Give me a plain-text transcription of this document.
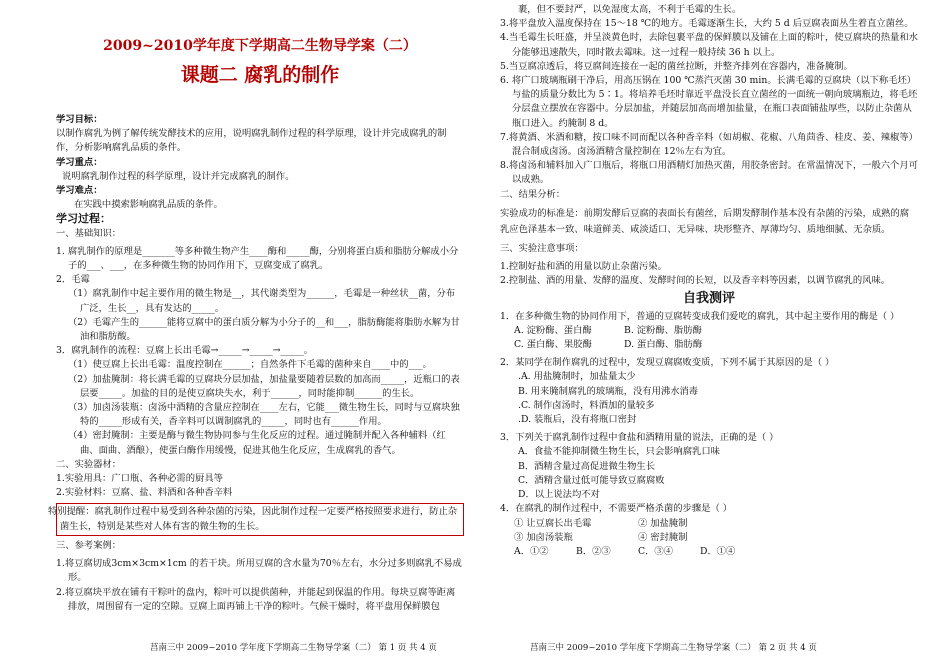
2009~2010学年度下学期高二生物导学案（二）

课题二 腐乳的制作

学习目标：

以制作腐乳为例了解传统发酵技术的应用，说明腐乳制作过程的科学原理，设计并完成腐乳的制作，分析影响腐乳品质的条件。

学习重点：

说明腐乳制作过程的科学原理，设计并完成腐乳的制作。

学习难点：

在实践中摸索影响腐乳品质的条件。

学习过程：

一、基础知识：

1. 腐乳制作的原理是_______等多种微生物产生____酶和_____酶，分别将蛋白质和脂肪分解成小分子的___、___，在多种微生物的协同作用下，豆腐变成了腐乳。

2．毛霉

（1）腐乳制作中起主要作用的微生物是__，其代谢类型为______，毛霉是一种丝状__菌，分布广泛，生长__，具有发达的_____。

（2）毛霉产生的______能将豆腐中的蛋白质分解为小分子的__和___，脂肪酶能将脂肪水解为甘油和脂肪酸。

3．腐乳制作的流程：豆腐上长出毛霉→_____→_____→_____。

（1）使豆腐上长出毛霉：温度控制在______；自然条件下毛霉的菌种来自____中的___。

（2）加盐腌制：将长满毛霉的豆腐块分层加盐，加盐量要随着层数的加高而_____，近瓶口的表层要_____。加盐的目的是使豆腐块失水，利于______，同时能抑制______的生长。

（3）加卤汤装瓶：卤汤中酒精的含量应控制在____左右，它能___微生物生长，同时与豆腐块独特的_____形成有关，香辛料可以调制腐乳的_____，同时也有______作用。

（4）密封腌制：主要是酶与微生物协同参与生化反应的过程。通过腌制并配入各种辅料（红曲、面曲、酒酿），使蛋白酶作用缓慢，促进其他生化反应，生成腐乳的香气。

二、实验器材：

1.实验用具：广口瓶、各种必需的厨具等

2.实验材料：豆腐、盐、料酒和各种香辛料

特别提醒：腐乳制作过程中易受到各种杂菌的污染，因此制作过程一定要严格按照要求进行，防止杂菌生长，特别是某些对人体有害的微生物的生长。

三、参考案例：

1.将豆腐切成3cm×3cm×1cm 的若干块。所用豆腐的含水量为70％左右，水分过多则腐乳不易成形。

2.将豆腐块平放在铺有干粽叶的盘内，粽叶可以提供菌种，并能起到保温的作用。每块豆腐等距离排放，周围留有一定的空隙。豆腐上面再铺上干净的粽叶。气候干燥时，将平盘用保鲜膜包

裹，但不要封严，以免湿度太高，不利于毛霉的生长。

3.将平盘放入温度保持在 15～18 ℃的地方。毛霉逐渐生长，大约 5 d 后豆腐表面丛生着直立菌丝。

4.当毛霉生长旺盛，并呈淡黄色时，去除包裹平盘的保鲜膜以及铺在上面的粽叶，使豆腐块的热量和水分能够迅速散失，同时散去霉味。这一过程一般持续 36 h 以上。

5.当豆腐凉透后，将豆腐间连接在一起的菌丝拉断，并整齐排列在容器内，准备腌制。

6. 将广口玻璃瓶刷干净后，用高压锅在 100 ℃蒸汽灭菌 30 min。长满毛霉的豆腐块（以下称毛坯）与盐的质量分数比为 5∶1。将培养毛坯时靠近平盘没长直立菌丝的一面统一朝向玻璃瓶边，将毛坯分层盘立摆放在容器中。分层加盐，并随层加高而增加盐量，在瓶口表面铺盐厚些，以防止杂菌从瓶口进入。约腌制 8 d。

7.将黄酒、米酒和糖，按口味不同而配以各种香辛料（如胡椒、花椒、八角茴香、桂皮、姜、辣椒等）混合制成卤汤。卤汤酒精含量控制在 12％左右为宜。

8.将卤汤和辅料加入广口瓶后，将瓶口用酒精灯加热灭菌，用胶条密封。在常温情况下，一般六个月可以成熟。

二、结果分析：

实验成功的标准是：前期发酵后豆腐的表面长有菌丝，后期发酵制作基本没有杂菌的污染，成熟的腐乳应色泽基本一致、味道鲜美、咸淡适口、无异味、块形整齐、厚薄均匀、质地细腻、无杂质。

三、实验注意事项：

1.控制好盐和酒的用量以防止杂菌污染。

2.控制盐、酒的用量、发酵的温度、发酵时间的长短，以及香辛料等因素，以调节腐乳的风味。

自我测评

1．在多种微生物的协同作用下，普通的豆腐转变成我们爱吃的腐乳，其中起主要作用的酶是（ ）

A. 淀粉酶、蛋白酶	B. 淀粉酶、脂肪酶
C. 蛋白酶、果胶酶	D. 蛋白酶、脂肪酶

2．某同学在制作腐乳的过程中，发现豆腐腐败变质，下列不属于其原因的是（ ）

.A. 用盐腌制时，加盐量太少

B. 用来腌制腐乳的玻璃瓶，没有用沸水消毒

.C. 制作卤汤时，料酒加的量较多

.D. 装瓶后，没有将瓶口密封

3．下列关于腐乳制作过程中食盐和酒精用量的说法，正确的是（ ）

A．食盐不能抑制微生物生长，只会影响腐乳口味

B．酒精含量过高促进微生物生长

C．酒精含量过低可能导致豆腐腐败

D．以上说法均不对

4．在腐乳的制作过程中，不需要严格杀菌的步骤是（ ）

① 让豆腐长出毛霉	② 加盐腌制
③ 加卤汤装瓶	④ 密封腌制
A．①②	B．②③	C．③④	D．①④
莒南三中 2009~2010 学年度下学期高二生物导学案（二） 第 1 页 共 4 页	莒南三中 2009~2010 学年度下学期高二生物导学案（二） 第 2 页 共 4 页
